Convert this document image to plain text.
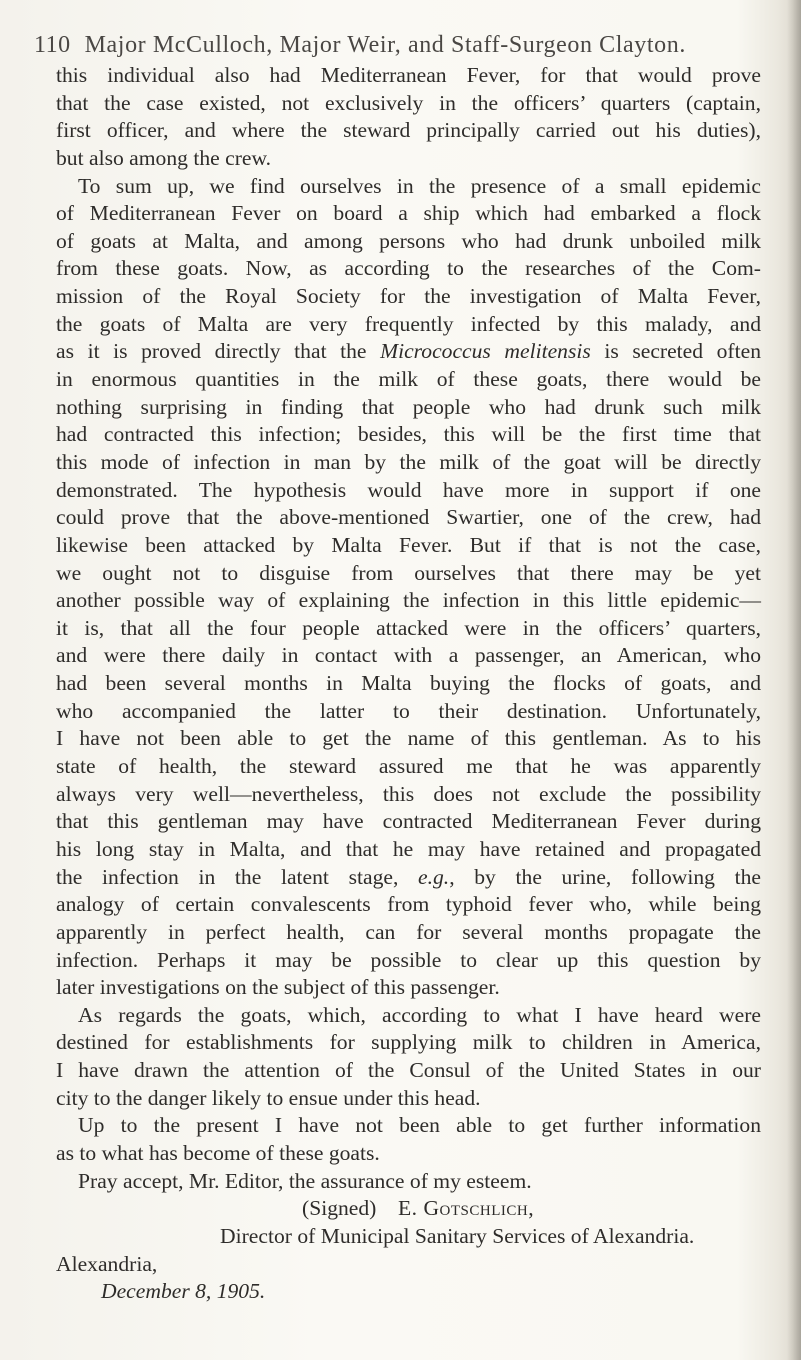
110 Major McCulloch, Major Weir, and Staff-Surgeon Clayton.
this individual also had Mediterranean Fever, for that would prove
that the case existed, not exclusively in the officers’ quarters (captain,
first officer, and where the steward principally carried out his duties),
but also among the crew.
To sum up, we find ourselves in the presence of a small epidemic
of Mediterranean Fever on board a ship which had embarked a flock
of goats at Malta, and among persons who had drunk unboiled milk
from these goats. Now, as according to the researches of the Com-
mission of the Royal Society for the investigation of Malta Fever,
the goats of Malta are very frequently infected by this malady, and
as it is proved directly that the Micrococcus melitensis is secreted often
in enormous quantities in the milk of these goats, there would be
nothing surprising in finding that people who had drunk such milk
had contracted this infection; besides, this will be the first time that
this mode of infection in man by the milk of the goat will be directly
demonstrated. The hypothesis would have more in support if one
could prove that the above-mentioned Swartier, one of the crew, had
likewise been attacked by Malta Fever. But if that is not the case,
we ought not to disguise from ourselves that there may be yet
another possible way of explaining the infection in this little epidemic—
it is, that all the four people attacked were in the officers’ quarters,
and were there daily in contact with a passenger, an American, who
had been several months in Malta buying the flocks of goats, and
who accompanied the latter to their destination. Unfortunately,
I have not been able to get the name of this gentleman. As to his
state of health, the steward assured me that he was apparently
always very well—nevertheless, this does not exclude the possibility
that this gentleman may have contracted Mediterranean Fever during
his long stay in Malta, and that he may have retained and propagated
the infection in the latent stage, e.g., by the urine, following the
analogy of certain convalescents from typhoid fever who, while being
apparently in perfect health, can for several months propagate the
infection. Perhaps it may be possible to clear up this question by
later investigations on the subject of this passenger.
As regards the goats, which, according to what I have heard were
destined for establishments for supplying milk to children in America,
I have drawn the attention of the Consul of the United States in our
city to the danger likely to ensue under this head.
Up to the present I have not been able to get further information
as to what has become of these goats.
Pray accept, Mr. Editor, the assurance of my esteem.
(Signed) E. Gotschlich,
Director of Municipal Sanitary Services of Alexandria.
Alexandria,
December 8, 1905.
